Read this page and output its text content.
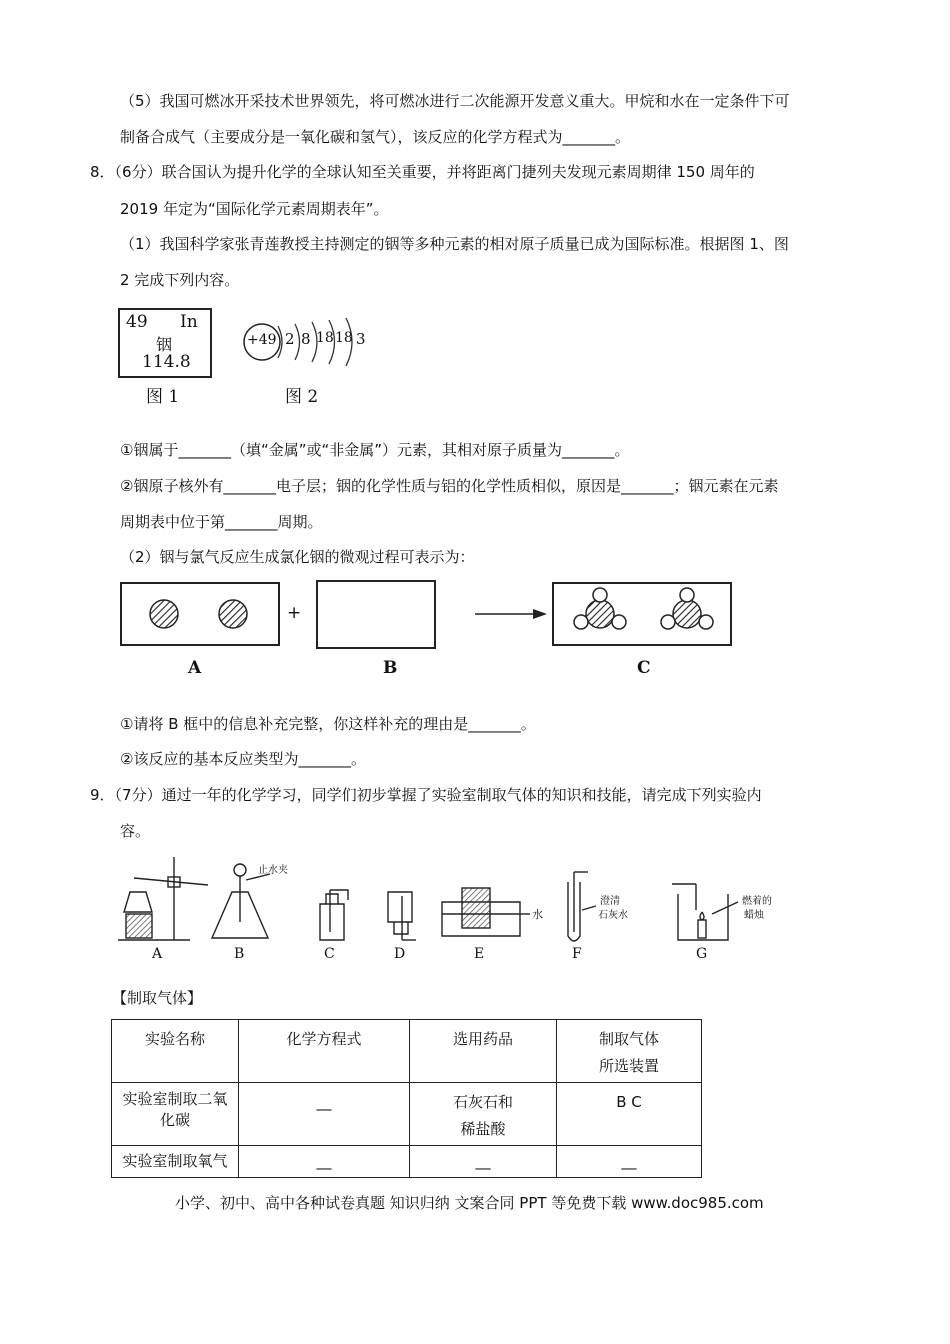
（5）我国可燃冰开采技术世界领先，将可燃冰进行二次能源开发意义重大。甲烷和水在一定条件下可
制备合成气（主要成分是一氧化碳和氢气），该反应的化学方程式为_______。
8．（6分）联合国认为提升化学的全球认知至关重要，并将距离门捷列夫发现元素周期律 150 周年的
2019 年定为“国际化学元素周期表年”。
（1）我国科学家张青莲教授主持测定的铟等多种元素的相对原子质量已成为国际标准。根据图 1、图
2 完成下列内容。
49 In
铟
114.8
图 1
+49 2 8 18 18 3
图 2
①铟属于_______（填“金属”或“非金属”）元素，其相对原子质量为_______。
②铟原子核外有_______电子层；铟的化学性质与铝的化学性质相似，原因是_______；铟元素在元素
周期表中位于第_______周期。
（2）铟与氯气反应生成氯化铟的微观过程可表示为：
+
A	B	C
①请将 B 框中的信息补充完整，你这样补充的理由是_______。
②该反应的基本反应类型为_______。
9．（7分）通过一年的化学学习，同学们初步掌握了实验室制取气体的知识和技能，请完成下列实验内
容。
止水夹
水
澄清
石灰水
燃着的
蜡烛
A	B	C	D	E	F	G
【制取气体】
实验名称	化学方程式	选用药品	制取气体
所选装置
实验室制取二氧
化碳	__	石灰石和
稀盐酸	B C
实验室制取氧气	__	__	__
小学、初中、高中各种试卷真题 知识归纳 文案合同 PPT 等免费下载 www.doc985.com
